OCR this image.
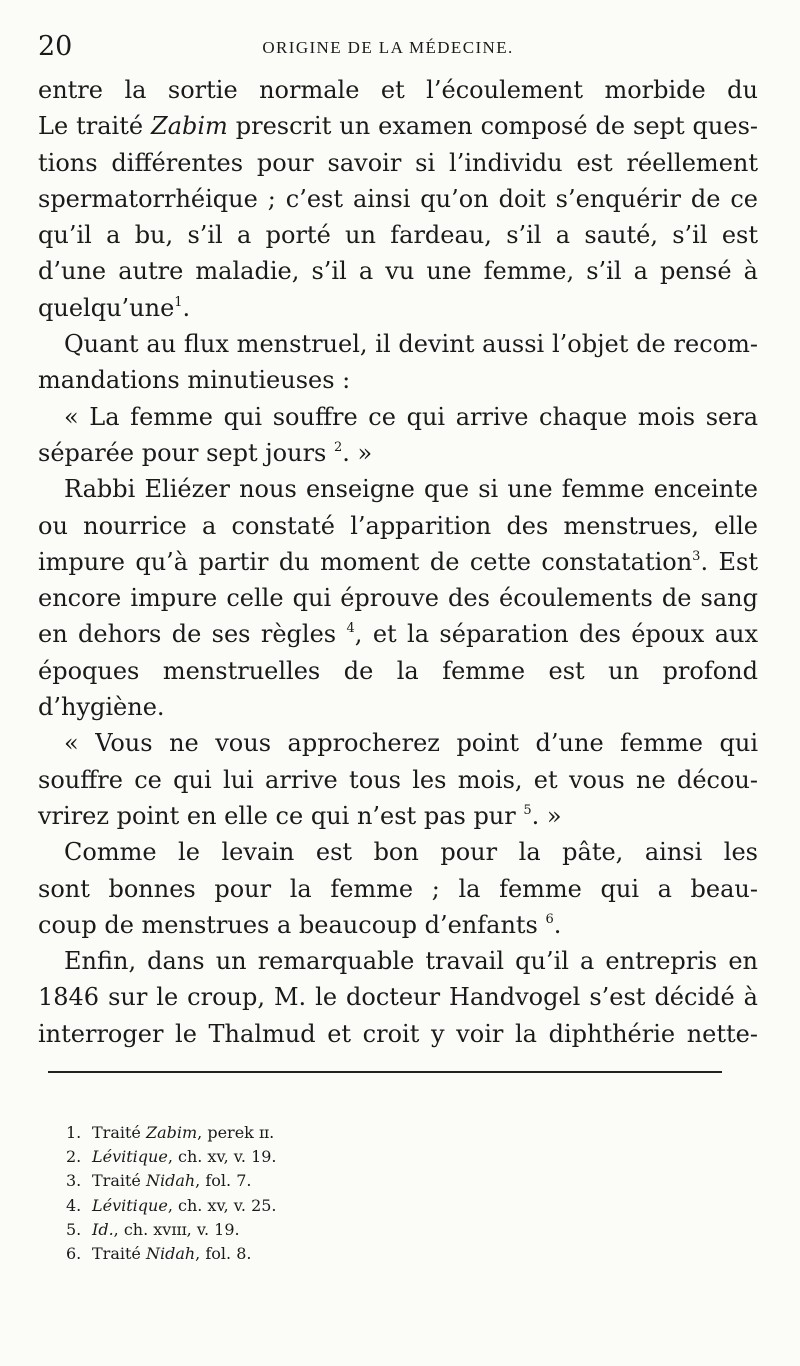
20	ORIGINE DE LA MÉDECINE.
entre la sortie normale et l’écoulement morbide du
Le traité Zabim prescrit un examen composé de sept ques-
tions différentes pour savoir si l’individu est réellement
spermatorrhéique ; c’est ainsi qu’on doit s’enquérir de ce
qu’il a bu, s’il a porté un fardeau, s’il a sauté, s’il est
d’une autre maladie, s’il a vu une femme, s’il a pensé à
quelqu’une$^1$.
Quant au flux menstruel, il devint aussi l’objet de recom-
mandations minutieuses :
« La femme qui souffre ce qui arrive chaque mois sera
séparée pour sept jours $^2$. »
Rabbi Eliézer nous enseigne que si une femme enceinte
ou nourrice a constaté l’apparition des menstrues, elle
impure qu’à partir du moment de cette constatation$^3$. Est
encore impure celle qui éprouve des écoulements de sang
en dehors de ses règles $^4$, et la séparation des époux aux
époques menstruelles de la femme est un profond
d’hygiène.
« Vous ne vous approcherez point d’une femme qui
souffre ce qui lui arrive tous les mois, et vous ne décou-
vrirez point en elle ce qui n’est pas pur $^5$. »
Comme le levain est bon pour la pâte, ainsi les
sont bonnes pour la femme ; la femme qui a beau-
coup de menstrues a beaucoup d’enfants $^6$.
Enfin, dans un remarquable travail qu’il a entrepris en
1846 sur le croup, M. le docteur Handvogel s’est décidé à
interroger le Thalmud et croit y voir la diphthérie nette-
1. Traité Zabim, perek ɪɪ.
2. Lévitique, ch. xv, v. 19.
3. Traité Nidah, fol. 7.
4. Lévitique, ch. xv, v. 25.
5. Id., ch. xvɪɪɪ, v. 19.
6. Traité Nidah, fol. 8.
